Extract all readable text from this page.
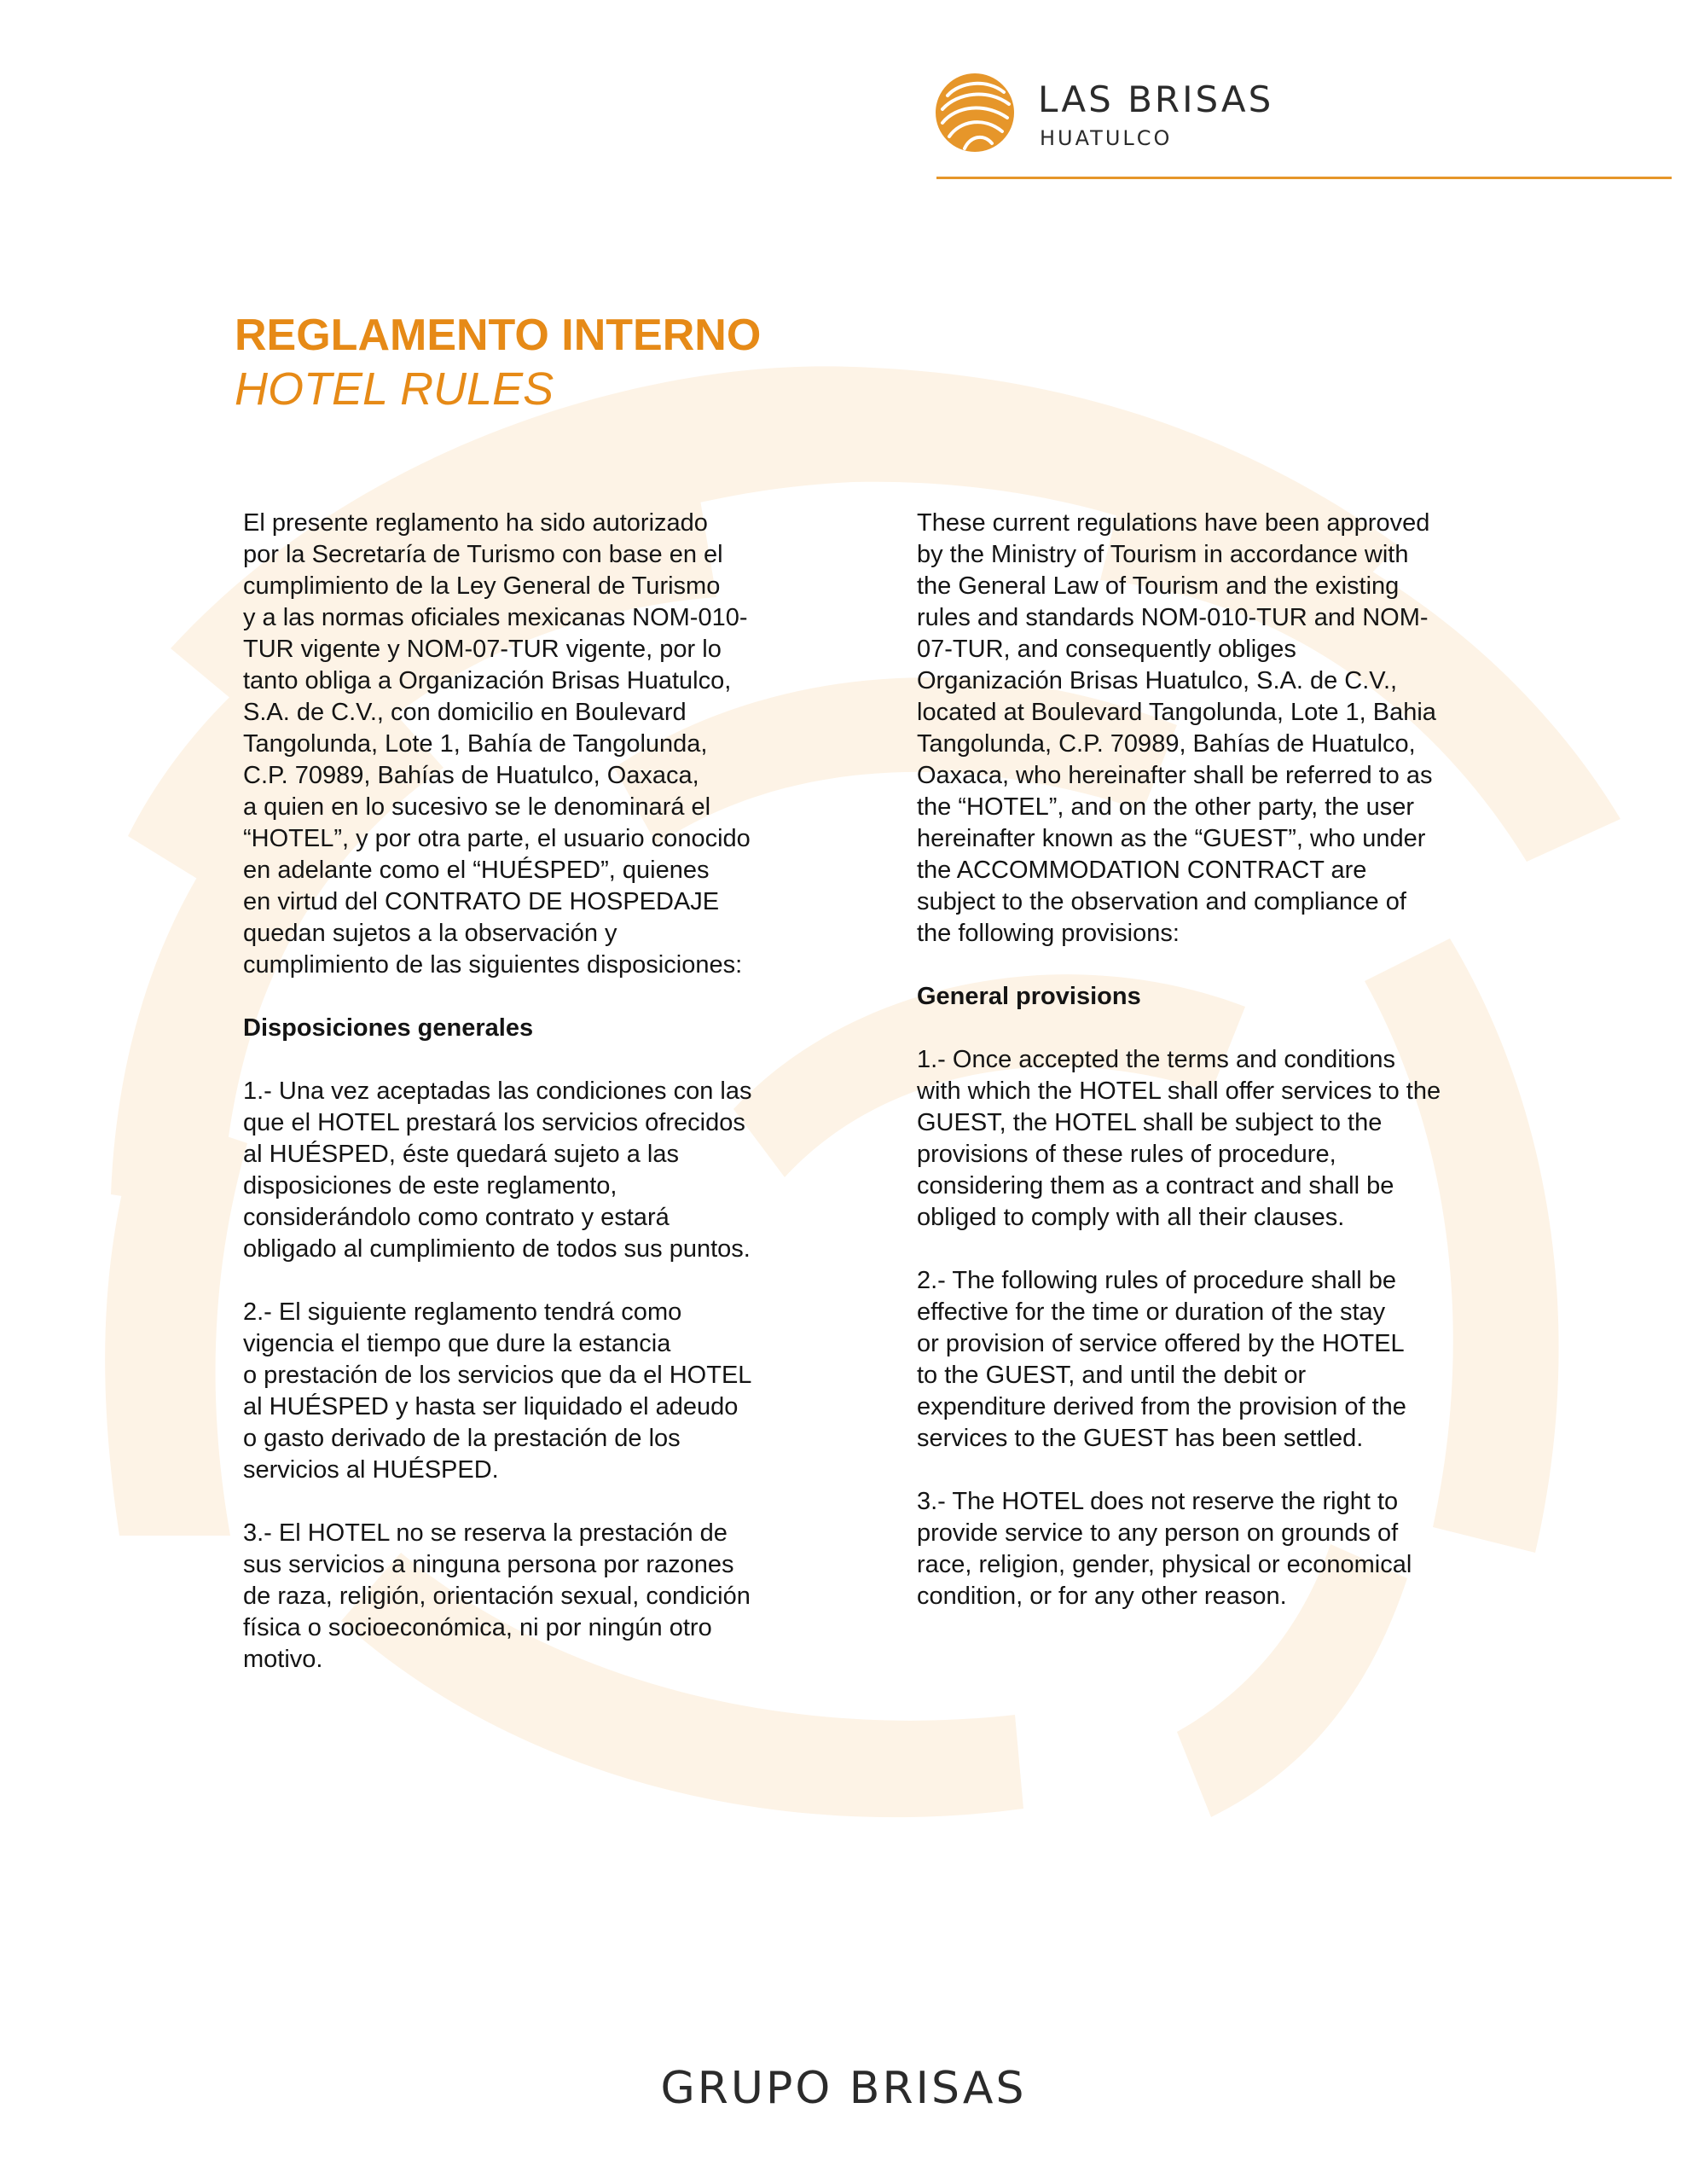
LAS BRISAS
HUATULCO
REGLAMENTO INTERNO
HOTEL RULES
El presente reglamento ha sido autorizado
por la Secretaría de Turismo con base en el
cumplimiento de la Ley General de Turismo
y a las normas oficiales mexicanas NOM-010-
TUR vigente y NOM-07-TUR vigente, por lo
tanto obliga a Organización Brisas Huatulco,
S.A. de C.V., con domicilio en Boulevard
Tangolunda, Lote 1, Bahía de Tangolunda,
C.P. 70989, Bahías de Huatulco, Oaxaca,
a quien en lo sucesivo se le denominará el
“HOTEL”, y por otra parte, el usuario conocido
en adelante como el “HUÉSPED”, quienes
en virtud del CONTRATO DE HOSPEDAJE
quedan sujetos a la observación y
cumplimiento de las siguientes disposiciones:
Disposiciones generales
1.- Una vez aceptadas las condiciones con las
que el HOTEL prestará los servicios ofrecidos
al HUÉSPED, éste quedará sujeto a las
disposiciones de este reglamento,
considerándolo como contrato y estará
obligado al cumplimiento de todos sus puntos.
2.- El siguiente reglamento tendrá como
vigencia el tiempo que dure la estancia
o prestación de los servicios que da el HOTEL
al HUÉSPED y hasta ser liquidado el adeudo
o gasto derivado de la prestación de los
servicios al HUÉSPED.
3.- El HOTEL no se reserva la prestación de
sus servicios a ninguna persona por razones
de raza, religión, orientación sexual, condición
física o socioeconómica, ni por ningún otro
motivo.
These current regulations have been approved
by the Ministry of Tourism in accordance with
the General Law of Tourism and the existing
rules and standards NOM-010-TUR and NOM-
07-TUR, and consequently obliges
Organización Brisas Huatulco, S.A. de C.V.,
located at Boulevard Tangolunda, Lote 1, Bahia
Tangolunda, C.P. 70989, Bahías de Huatulco,
Oaxaca, who hereinafter shall be referred to as
the “HOTEL”, and on the other party, the user
hereinafter known as the “GUEST”, who under
the ACCOMMODATION CONTRACT are
subject to the observation and compliance of
the following provisions:
General provisions
1.- Once accepted the terms and conditions
with which the HOTEL shall offer services to the
GUEST, the HOTEL shall be subject to the
provisions of these rules of procedure,
considering them as a contract and shall be
obliged to comply with all their clauses.
2.- The following rules of procedure shall be
effective for the time or duration of the stay
or provision of service offered by the HOTEL
to the GUEST, and until the debit or
expenditure derived from the provision of the
services to the GUEST has been settled.
3.- The HOTEL does not reserve the right to
provide service to any person on grounds of
race, religion, gender, physical or economical
condition, or for any other reason.
GRUPO BRISAS
